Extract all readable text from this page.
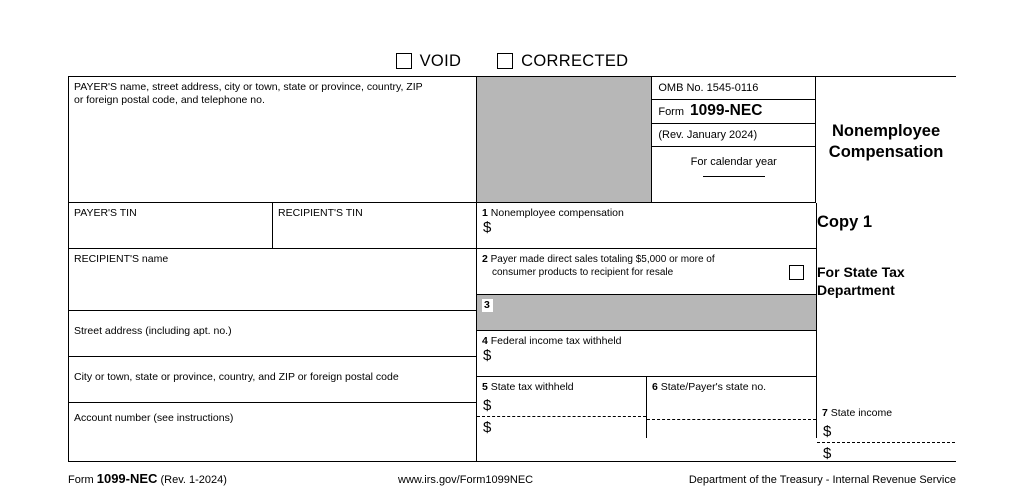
VOID	CORRECTED
PAYER'S name, street address, city or town, state or province, country, ZIP
or foreign postal code, and telephone no.
OMB No. 1545-0116
Form 1099-NEC
(Rev. January 2024)
For calendar year
Nonemployee
Compensation
PAYER'S TIN	RECIPIENT'S TIN	1 Nonemployee compensation
$	Copy 1
RECIPIENT'S name
Street address (including apt. no.)
City or town, state or province, country, and ZIP or foreign postal code
Account number (see instructions)
2 Payer made direct sales totaling $5,000 or more of
consumer products to recipient for resale
3
4 Federal income tax withheld
$
5 State tax withheld
$
$
6 State/Payer's state no.
For State Tax
Department
7 State income
$
$
Form 1099-NEC (Rev. 1-2024)	www.irs.gov/Form1099NEC	Department of the Treasury - Internal Revenue Service
